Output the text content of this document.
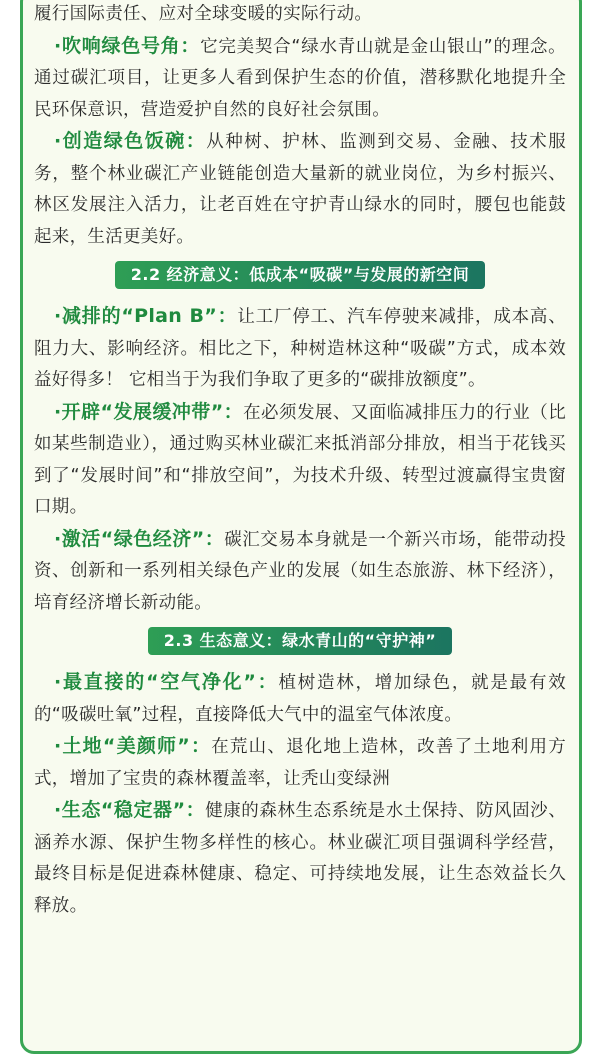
履行国际责任、应对全球变暖的实际行动。

·吹响绿色号角：它完美契合“绿水青山就是金山银山”的理念。通过碳汇项目，让更多人看到保护生态的价值，潜移默化地提升全民环保意识，营造爱护自然的良好社会氛围。

·创造绿色饭碗：从种树、护林、监测到交易、金融、技术服务，整个林业碳汇产业链能创造大量新的就业岗位，为乡村振兴、林区发展注入活力，让老百姓在守护青山绿水的同时，腰包也能鼓起来，生活更美好。

2.2 经济意义：低成本“吸碳”与发展的新空间

·减排的“Plan B”：让工厂停工、汽车停驶来减排，成本高、阻力大、影响经济。相比之下，种树造林这种“吸碳”方式，成本效益好得多！ 它相当于为我们争取了更多的“碳排放额度”。

·开辟“发展缓冲带”：在必须发展、又面临减排压力的行业（比如某些制造业），通过购买林业碳汇来抵消部分排放，相当于花钱买到了“发展时间”和“排放空间”，为技术升级、转型过渡赢得宝贵窗口期。

·激活“绿色经济”：碳汇交易本身就是一个新兴市场，能带动投资、创新和一系列相关绿色产业的发展（如生态旅游、林下经济），培育经济增长新动能。

2.3 生态意义：绿水青山的“守护神”

·最直接的“空气净化”：植树造林，增加绿色，就是最有效的“吸碳吐氧”过程，直接降低大气中的温室气体浓度。

·土地“美颜师”：在荒山、退化地上造林，改善了土地利用方式，增加了宝贵的森林覆盖率，让秃山变绿洲

·生态“稳定器”：健康的森林生态系统是水土保持、防风固沙、涵养水源、保护生物多样性的核心。林业碳汇项目强调科学经营，最终目标是促进森林健康、稳定、可持续地发展，让生态效益长久释放。
